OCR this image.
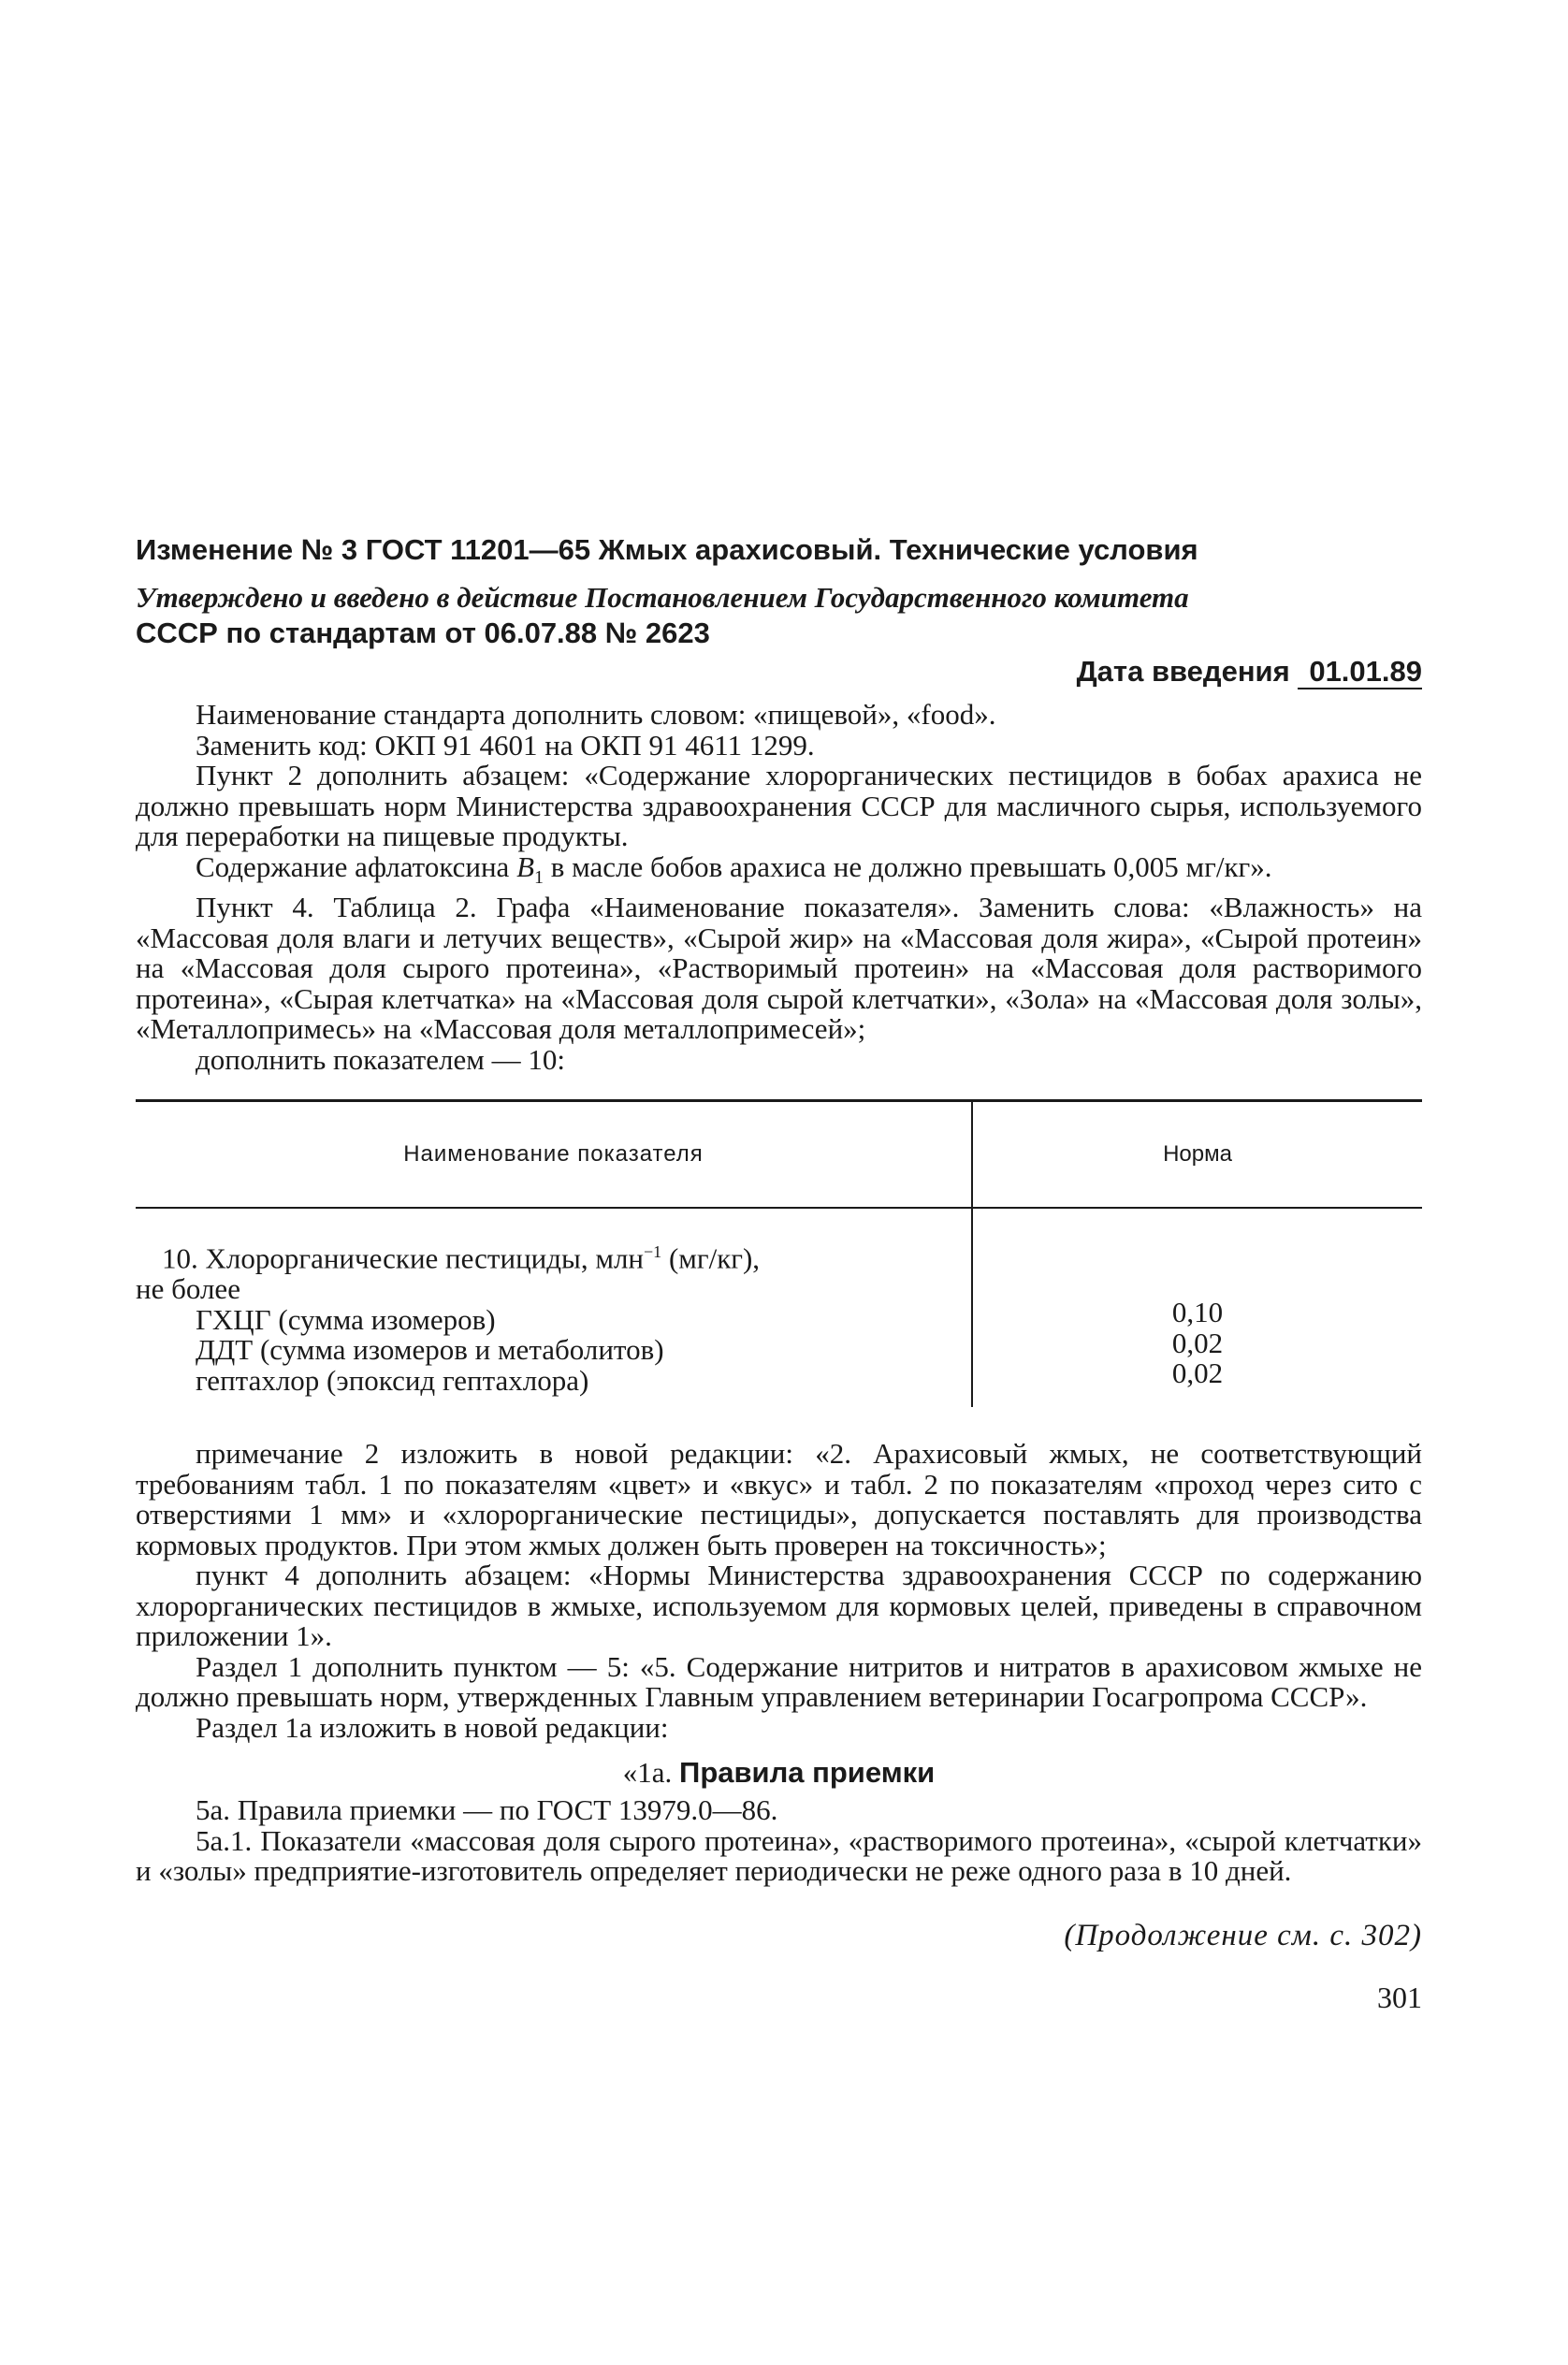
Изменение № 3 ГОСТ 11201—65 Жмых арахисовый. Технические условия
Утверждено и введено в действие Постановлением Государственного комитета
СССР по стандартам от 06.07.88 № 2623
Дата введения 01.01.89

Наименование стандарта дополнить словом: «пищевой», «food».

Заменить код: ОКП 91 4601 на ОКП 91 4611 1299.

Пункт 2 дополнить абзацем: «Содержание хлорорганических пестицидов в бобах арахиса не должно превышать норм Министерства здравоохранения СССР для масличного сырья, используемого для переработки на пищевые продукты.

Содержание афлатоксина $B_1$ в масле бобов арахиса не должно превышать 0,005 мг/кг».

Пункт 4. Таблица 2. Графа «Наименование показателя». Заменить слова: «Влажность» на «Массовая доля влаги и летучих веществ», «Сырой жир» на «Массовая доля жира», «Сырой протеин» на «Массовая доля сырого протеина», «Растворимый протеин» на «Массовая доля растворимого протеина», «Сырая клетчатка» на «Массовая доля сырой клетчатки», «Зола» на «Массовая доля золы», «Металлопримесь» на «Массовая доля металлопримесей»;

дополнить показателем — 10:

Наименование показателя	Норма
10. Хлорорганические пестициды, млн$^{-1}$ (мг/кг),
не более
ГХЦГ (сумма изомеров)
ДДТ (сумма изомеров и метаболитов)
гептахлор (эпоксид гептахлора)
0,10
0,02
0,02

примечание 2 изложить в новой редакции: «2. Арахисовый жмых, не соответствующий требованиям табл. 1 по показателям «цвет» и «вкус» и табл. 2 по показателям «проход через сито с отверстиями 1 мм» и «хлорорганические пестициды», допускается поставлять для производства кормовых продуктов. При этом жмых должен быть проверен на токсичность»;

пункт 4 дополнить абзацем: «Нормы Министерства здравоохранения СССР по содержанию хлорорганических пестицидов в жмыхе, используемом для кормовых целей, приведены в справочном приложении 1».

Раздел 1 дополнить пунктом — 5: «5. Содержание нитритов и нитратов в арахисовом жмыхе не должно превышать норм, утвержденных Главным управлением ветеринарии Госагропрома СССР».

Раздел 1а изложить в новой редакции:

«1а. Правила приемки

5а. Правила приемки — по ГОСТ 13979.0—86.

5а.1. Показатели «массовая доля сырого протеина», «растворимого протеина», «сырой клетчатки» и «золы» предприятие-изготовитель определяет периодически не реже одного раза в 10 дней.

(Продолжение см. с. 302)
301
